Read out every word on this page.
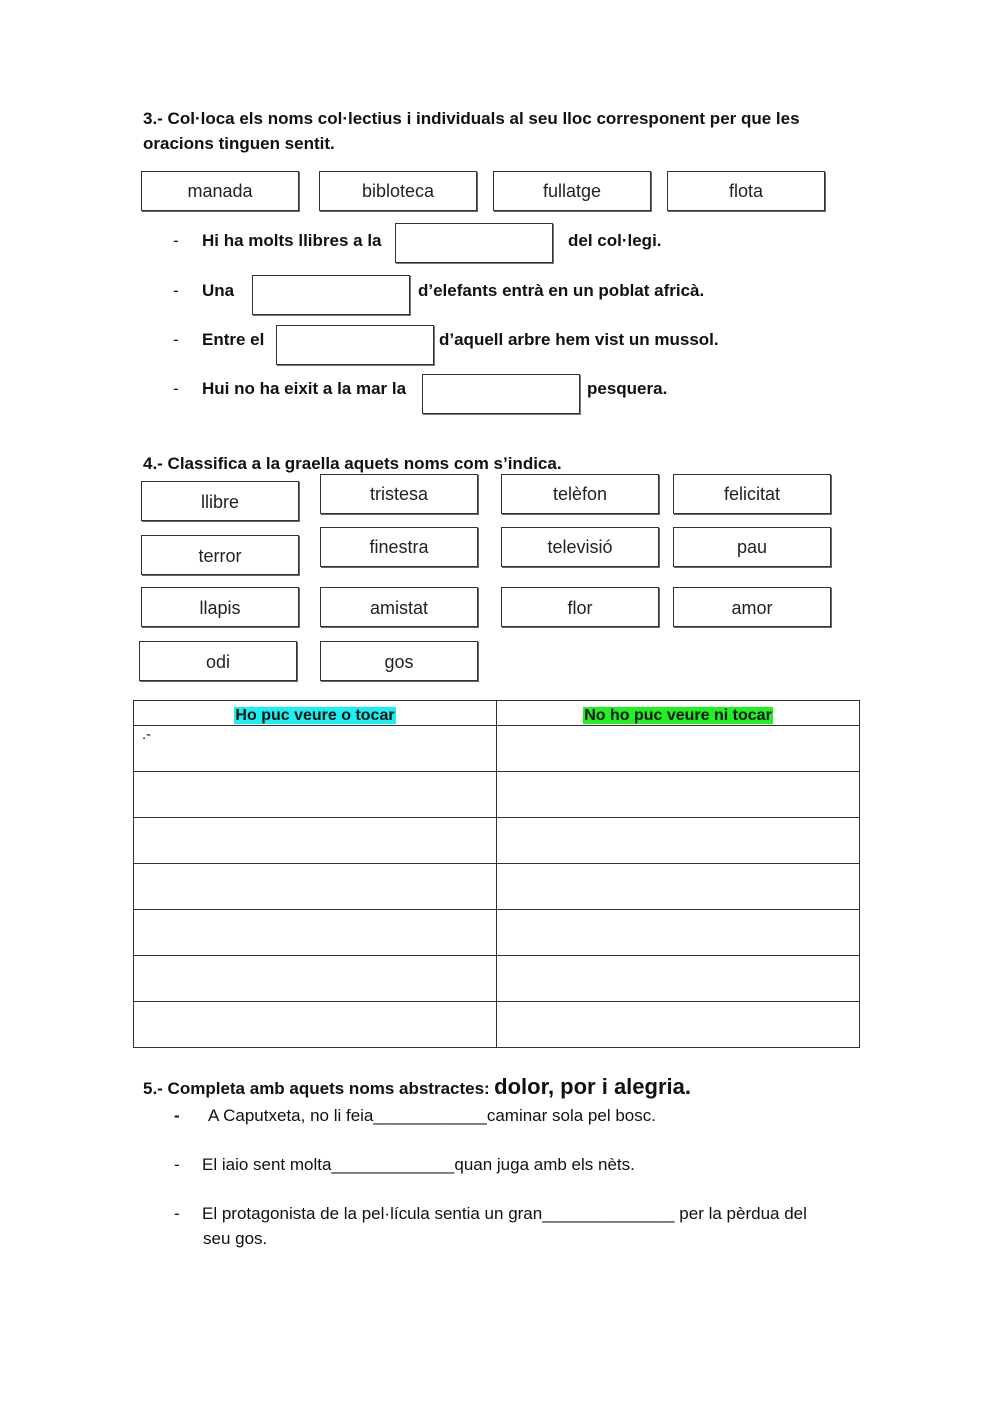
3.- Col·loca els noms col·lectius i individuals al seu lloc corresponent per que les
oracions tinguen sentit.
manada	bibloteca	fullatge	flota
- Hi ha molts llibres a la	del col·legi.
- Una	d’elefants entrà en un poblat africà.
- Entre el	d’aquell arbre hem vist un mussol.
- Hui no ha eixit a la mar la	pesquera.
4.- Classifica a la graella aquets noms com s’indica.
llibre	tristesa	telèfon	felicitat
terror	finestra	televisió	pau
llapis	amistat	flor	amor
odi	gos
Ho puc veure o tocar	No ho puc veure ni tocar
.-	

5.- Completa amb aquets noms abstractes: dolor, por i alegria.
- A Caputxeta, no li feia____________caminar sola pel bosc.
- El iaio sent molta_____________quan juga amb els nèts.
- El protagonista de la pel·lícula sentia un gran______________ per la pèrdua del
seu gos.
